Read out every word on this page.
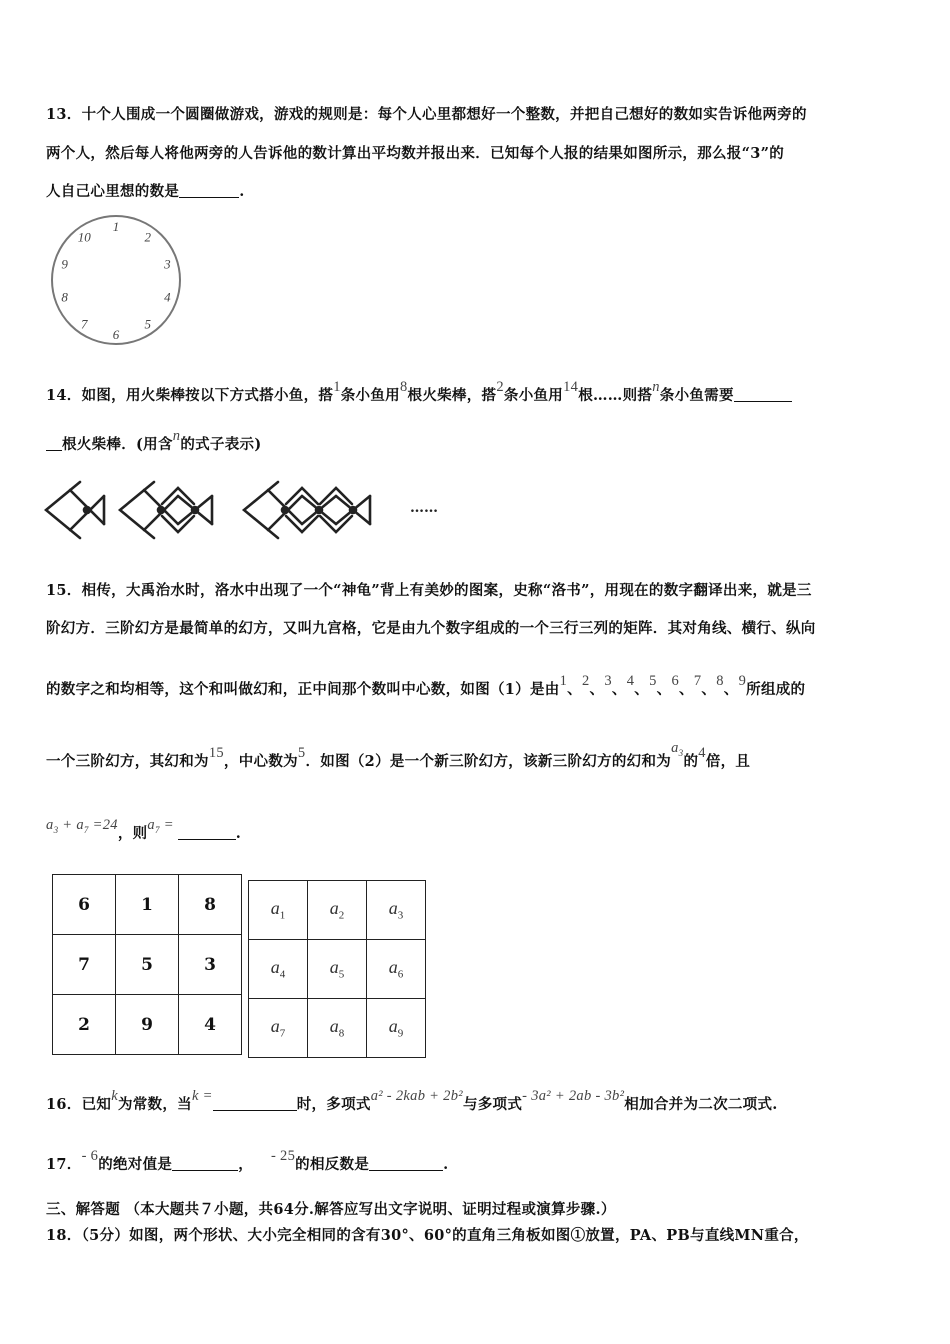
13．十个人围成一个圆圈做游戏，游戏的规则是：每个人心里都想好一个整数，并把自己想好的数如实告诉他两旁的
两个人，然后每人将他两旁的人告诉他的数计算出平均数并报出来．已知每个人报的结果如图所示，那么报“3”的
人自己心里想的数是	.
1
2
3
4
5
6
7
8
9
10
14．如图，用火柴棒按以下方式搭小鱼，搭1条小鱼用8根火柴棒，搭2条小鱼用14根……则搭n条小鱼需要
根火柴棒．(用含n的式子表示)
……
15．相传，大禹治水时，洛水中出现了一个“神龟”背上有美妙的图案，史称“洛书”，用现在的数字翻译出来，就是三
阶幻方．三阶幻方是最简单的幻方，又叫九宫格，它是由九个数字组成的一个三行三列的矩阵．其对角线、横行、纵向
的数字之和均相等，这个和叫做幻和，正中间那个数叫中心数，如图（1）是由1、2、3、4、5、6、7、8、9所组成的
一个三阶幻方，其幻和为15，中心数为5．如图（2）是一个新三阶幻方，该新三阶幻方的幻和为$a_3$的4倍，且
$a_3 + a_7 =24$，则$a_7$ =	.
6	1	8
7	5	3
2	9	4
$a_1$	$a_2$	$a_3$
$a_4$	$a_5$	$a_6$
$a_7$	$a_8$	$a_9$
16．已知k为常数，当k =	时，多项式a² - 2kab + 2b²与多项式- 3a² + 2ab - 3b²相加合并为二次二项式.
17．- 6的绝对值是	， - 25的相反数是	.
三、解答题 （本大题共７小题，共64分.解答应写出文字说明、证明过程或演算步骤.）
18．（5分）如图，两个形状、大小完全相同的含有30°、60°的直角三角板如图①放置，PA、PB与直线MN重合，
